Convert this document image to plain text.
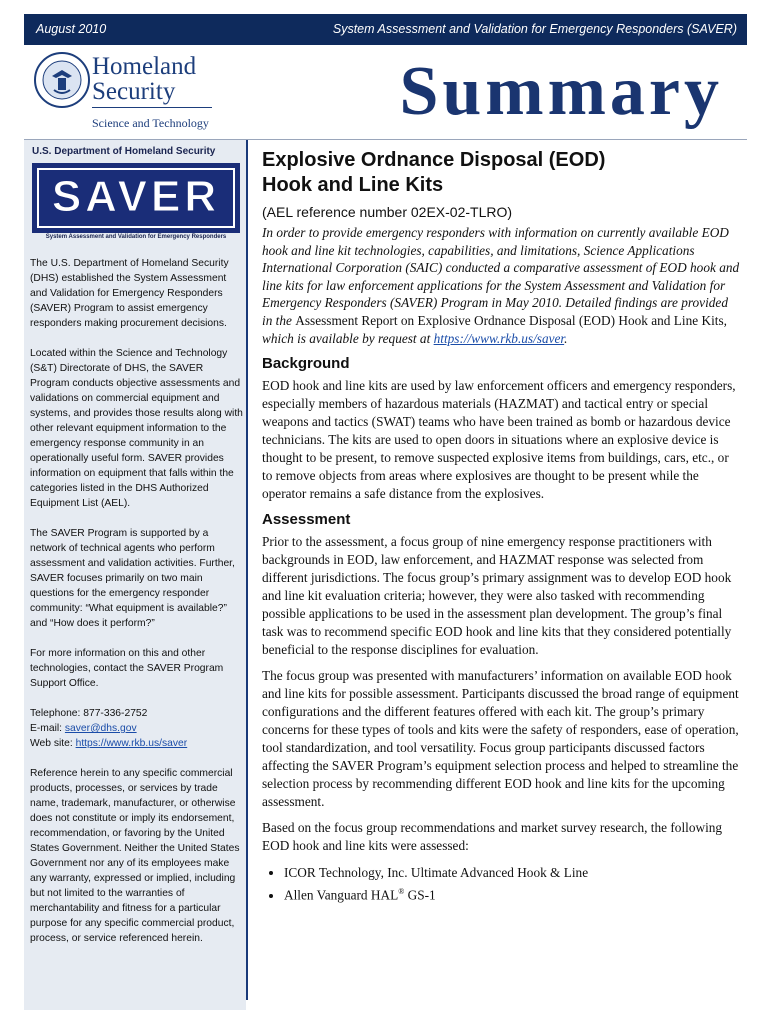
August 2010	System Assessment and Validation for Emergency Responders (SAVER)
Homeland
Security
Science and Technology	Summary
U.S. Department of Homeland Security
SAVER
System Assessment and Validation for Emergency Responders

The U.S. Department of Homeland Security (DHS) established the System Assessment and Validation for Emergency Responders (SAVER) Program to assist emergency responders making procurement decisions.

Located within the Science and Technology (S&T) Directorate of DHS, the SAVER Program conducts objective assessments and validations on commercial equipment and systems, and provides those results along with other relevant equipment information to the emergency response community in an operationally useful form. SAVER provides information on equipment that falls within the categories listed in the DHS Authorized Equipment List (AEL).

The SAVER Program is supported by a network of technical agents who perform assessment and validation activities. Further, SAVER focuses primarily on two main questions for the emergency responder community: “What equipment is available?” and “How does it perform?”

For more information on this and other technologies, contact the SAVER Program Support Office.

Telephone: 877-336-2752
E-mail: saver@dhs.gov
Web site: https://www.rkb.us/saver

Reference herein to any specific commercial products, processes, or services by trade name, trademark, manufacturer, or otherwise does not constitute or imply its endorsement, recommendation, or favoring by the United States Government. Neither the United States Government nor any of its employees make any warranty, expressed or implied, including but not limited to the warranties of merchantability and fitness for a particular purpose for any specific commercial product, process, or service referenced herein.

Explosive Ordnance Disposal (EOD)
Hook and Line Kits
(AEL reference number 02EX-02-TLRO)

In order to provide emergency responders with information on currently available EOD hook and line kit technologies, capabilities, and limitations, Science Applications International Corporation (SAIC) conducted a comparative assessment of EOD hook and line kits for law enforcement applications for the System Assessment and Validation for Emergency Responders (SAVER) Program in May 2010. Detailed findings are provided in the Assessment Report on Explosive Ordnance Disposal (EOD) Hook and Line Kits, which is available by request at https://www.rkb.us/saver.

Background

EOD hook and line kits are used by law enforcement officers and emergency responders, especially members of hazardous materials (HAZMAT) and tactical entry or special weapons and tactics (SWAT) teams who have been trained as bomb or hazardous device technicians. The kits are used to open doors in situations where an explosive device is thought to be present, to remove suspected explosive items from buildings, cars, etc., or to remove objects from areas where explosives are thought to be present while the operator remains a safe distance from the explosives.

Assessment

Prior to the assessment, a focus group of nine emergency response practitioners with backgrounds in EOD, law enforcement, and HAZMAT response was selected from different jurisdictions. The focus group’s primary assignment was to develop EOD hook and line kit evaluation criteria; however, they were also tasked with recommending possible applications to be used in the assessment plan development. The group’s final task was to recommend specific EOD hook and line kits that they considered potentially beneficial to the response disciplines for evaluation.

The focus group was presented with manufacturers’ information on available EOD hook and line kits for possible assessment. Participants discussed the broad range of equipment configurations and the different features offered with each kit. The group’s primary concerns for these types of tools and kits were the safety of responders, ease of operation, tool standardization, and tool versatility. Focus group participants discussed factors affecting the SAVER Program’s equipment selection process and helped to streamline the selection process by recommending different EOD hook and line kits for the upcoming assessment.

Based on the focus group recommendations and market survey research, the following EOD hook and line kits were assessed:

• ICOR Technology, Inc. Ultimate Advanced Hook & Line
• Allen Vanguard HAL® GS-1
